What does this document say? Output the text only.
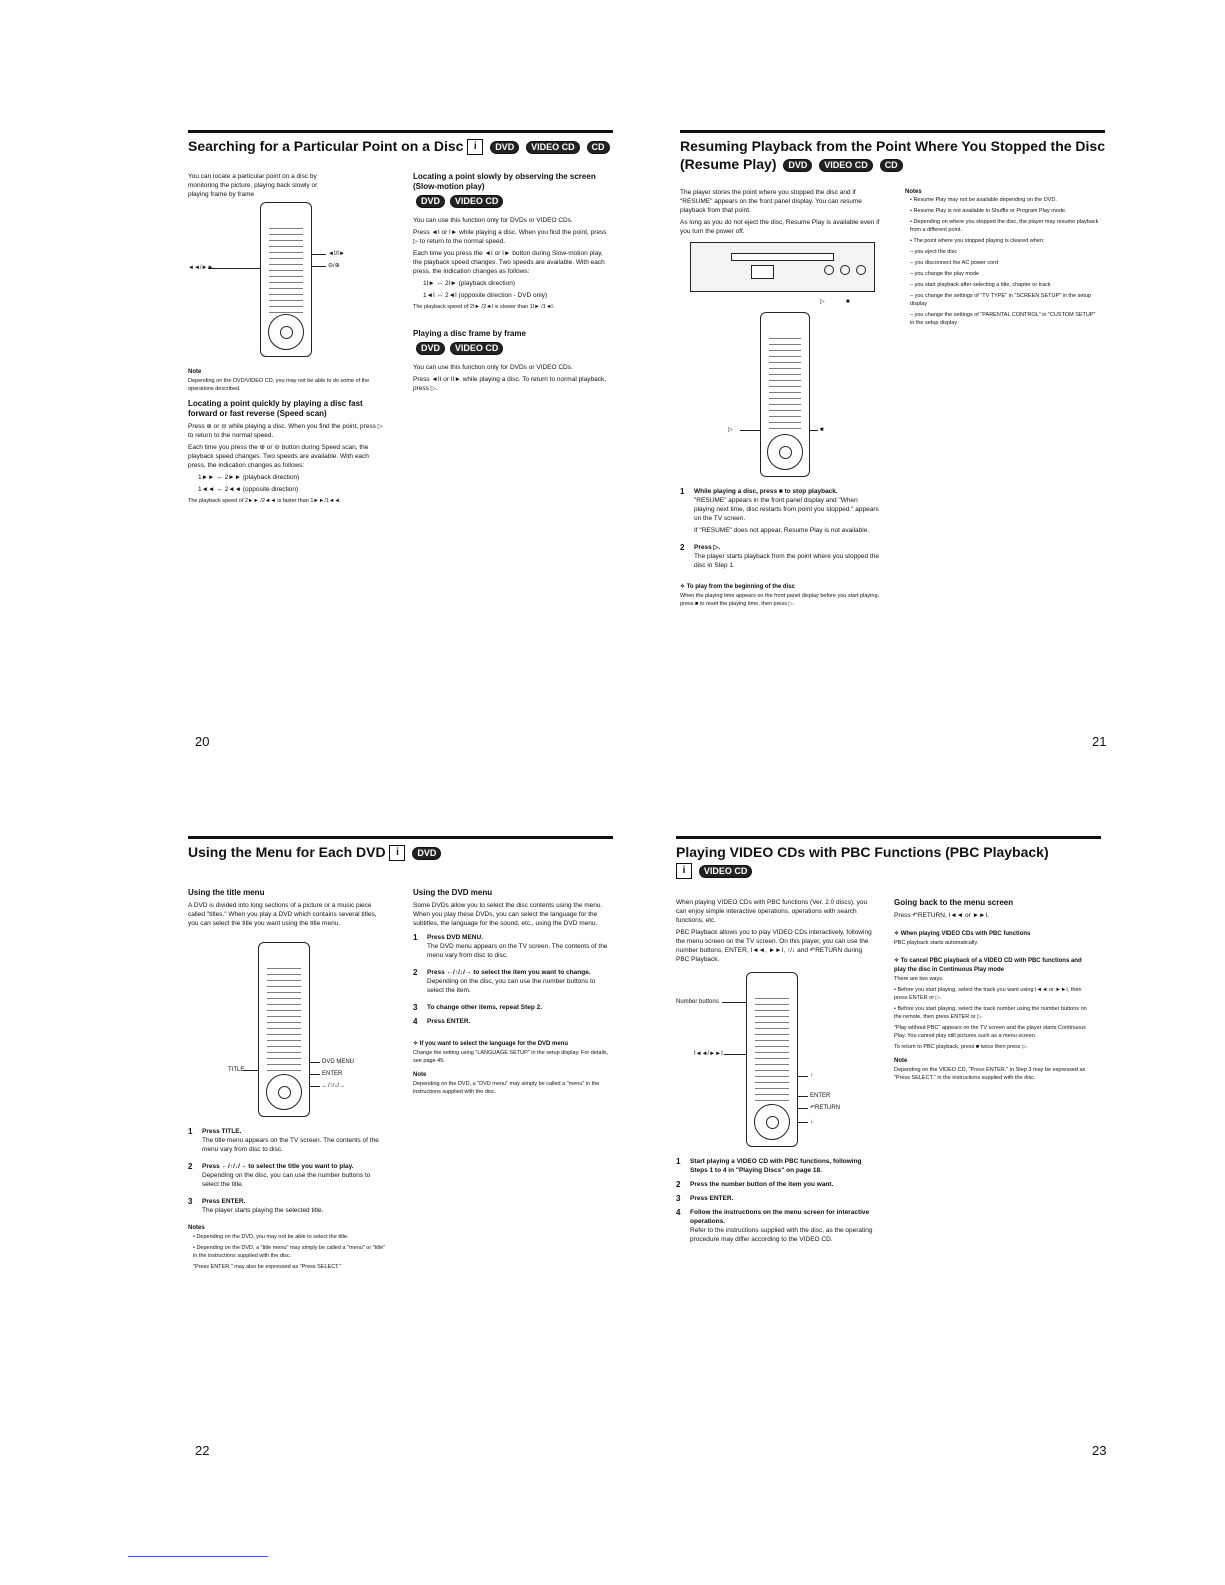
Searching for a Particular Point on a Disc i DVD VIDEO CD CD

You can locate a particular point on a disc by monitoring the picture, playing back slowly or playing frame by frame

◄◄/►►
◄I/I►
⊖/⊕
Note

Depending on the DVD/VIDEO CD, you may not be able to do some of the operations described.

Locating a point quickly by playing a disc fast forward or fast reverse (Speed scan)

Press ⊕ or ⊖ while playing a disc. When you find the point, press ▷ to return to the normal speed.

Each time you press the ⊕ or ⊖ button during Speed scan, the playback speed changes. Two speeds are available. With each press, the indication changes as follows:

1►► ↔ 2►► (playback direction)

1◄◄ ↔ 2◄◄ (opposite direction)

The playback speed of 2►► /2◄◄ is faster than 1►►/1◄◄.

Locating a point slowly by observing the screen (Slow-motion play)
DVD VIDEO CD

You can use this function only for DVDs or VIDEO CDs.

Press ◄I or I► while playing a disc. When you find the point, press ▷ to return to the normal speed.

Each time you press the ◄I or I► button during Slow-motion play, the playback speed changes. Two speeds are available. With each press, the indication changes as follows:

1I► ↔ 2I► (playback direction)

1◄I ↔ 2◄I (opposite direction - DVD only)

The playback speed of 2I► /2◄I is slower than 1I► /1◄I.

Playing a disc frame by frame
DVD VIDEO CD

You can use this function only for DVDs or VIDEO CDs.

Press ◄II or II► while playing a disc. To return to normal playback, press ▷.

20
Resuming Playback from the Point Where You Stopped the Disc (Resume Play) DVD VIDEO CD CD

The player stores the point where you stopped the disc and if "RESUME" appears on the front panel display. You can resume playback from that point.

As long as you do not eject the disc, Resume Play is available even if you turn the power off.

▷	■
▷	■
1	While playing a disc, press ■ to stop playback.

"RESUME" appears in the front panel display and "When playing next time, disc restarts from point you stopped." appears on the TV screen.

If "RESUME" does not appear, Resume Play is not available.

2	Press ▷.

The player starts playback from the point where you stopped the disc in Step 1.

✧ To play from the beginning of the disc

When the playing time appears on the front panel display before you start playing, press ■ to reset the playing time, then press ▷.

Notes

• Resume Play may not be available depending on the DVD.

• Resume Play is not available in Shuffle or Program Play mode.

• Depending on where you stopped the disc, the player may resume playback from a different point.

• The point where you stopped playing is cleared when:

– you eject the disc

– you disconnect the AC power cord

– you change the play mode

– you start playback after selecting a title, chapter or track

– you change the settings of "TV TYPE" in "SCREEN SETUP" in the setup display

– you change the settings of "PARENTAL CONTROL" in "CUSTOM SETUP" in the setup display

21
Using the Menu for Each DVD i DVD
Using the title menu

A DVD is divided into long sections of a picture or a music piece called "titles." When you play a DVD which contains several titles, you can select the title you want using the title menu.

TITLE
DVD MENU
ENTER
←/↑/↓/→
1	Press TITLE.

The title menu appears on the TV screen. The contents of the menu vary from disc to disc.

2	Press ←/↑/↓/→ to select the title you want to play.

Depending on the disc, you can use the number buttons to select the title.

3	Press ENTER.

The player starts playing the selected title.

Notes

• Depending on the DVD, you may not be able to select the title.

• Depending on the DVD, a "title menu" may simply be called a "menu" or "title" in the instructions supplied with the disc.

"Press ENTER." may also be expressed as "Press SELECT."

Using the DVD menu

Some DVDs allow you to select the disc contents using the menu. When you play these DVDs, you can select the language for the subtitles, the language for the sound, etc., using the DVD menu.

1	Press DVD MENU.

The DVD menu appears on the TV screen. The contents of the menu vary from disc to disc.

2	Press ←/↑/↓/→ to select the item you want to change.

Depending on the disc, you can use the number buttons to select the item.

3	To change other items, repeat Step 2.
4	Press ENTER.
✧ If you want to select the language for the DVD menu

Change the setting using "LANGUAGE SETUP" in the setup display. For details, see page 45.

Note

Depending on the DVD, a "DVD menu" may simply be called a "menu" in the instructions supplied with the disc.

22
Playing VIDEO CDs with PBC Functions (PBC Playback)
i VIDEO CD

When playing VIDEO CDs with PBC functions (Ver. 2.0 discs), you can enjoy simple interactive operations, operations with search functions, etc.

PBC Playback allows you to play VIDEO CDs interactively, following the menu screen on the TV screen. On this player, you can use the number buttons, ENTER, I◄◄, ►►I, ↑/↓ and ↶RETURN during PBC Playback.

Number buttons
I◄◄/►►I
↑
ENTER
↶RETURN
↓
1	Start playing a VIDEO CD with PBC functions, following Steps 1 to 4 in "Playing Discs" on page 18.
2	Press the number button of the item you want.
3	Press ENTER.
4	Follow the instructions on the menu screen for interactive operations.

Refer to the instructions supplied with the disc, as the operating procedure may differ according to the VIDEO CD.

Going back to the menu screen

Press ↶RETURN, I◄◄ or ►►I.

✧ When playing VIDEO CDs with PBC functions

PBC playback starts automatically.

✧ To cancel PBC playback of a VIDEO CD with PBC functions and play the disc in Continuous Play mode

There are two ways.

• Before you start playing, select the track you want using I◄◄ or ►►I, then press ENTER or ▷.

• Before you start playing, select the track number using the number buttons on the remote, then press ENTER or ▷.

"Play without PBC" appears on the TV screen and the player starts Continuous Play. You cannot play still pictures such as a menu screen.

To return to PBC playback, press ■ twice then press ▷.

Note

Depending on the VIDEO CD, "Press ENTER." in Step 3 may be expressed as "Press SELECT." in the instructions supplied with the disc.

23
